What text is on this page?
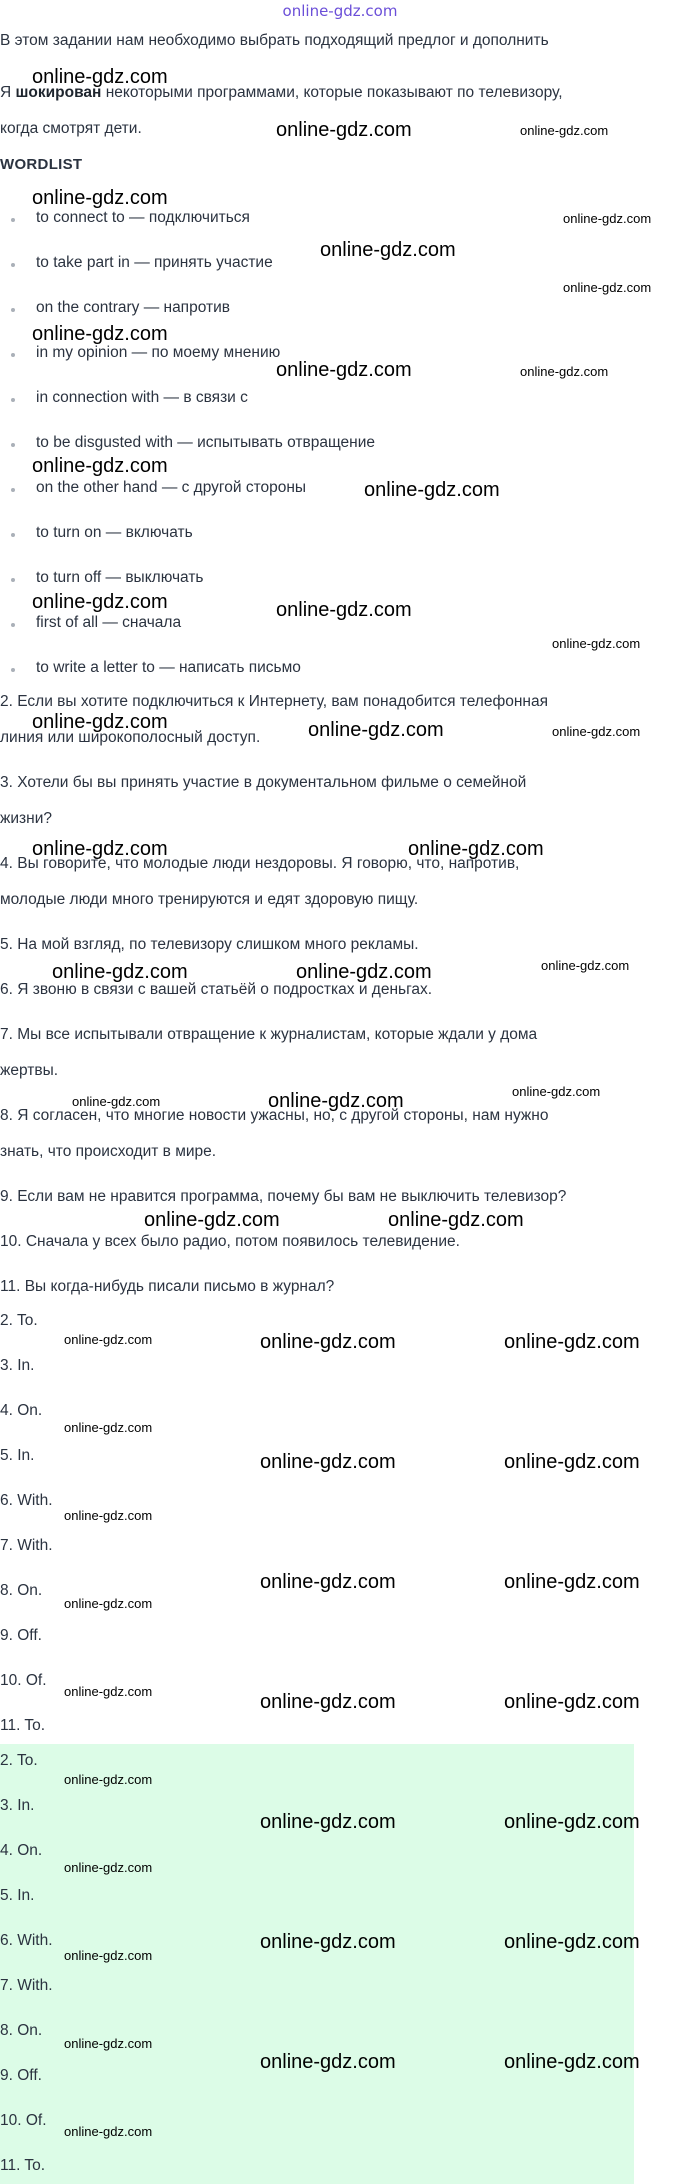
online-gdz.com
В этом задании нам необходимо выбрать подходящий предлог и дополнить
Я шокирован некоторыми программами, которые показывают по телевизору,
когда смотрят дети.
WORDLIST
to connect to — подключиться
to take part in — принять участие
on the contrary — напротив
in my opinion — по моему мнению
in connection with — в связи с
to be disgusted with — испытывать отвращение
on the other hand — с другой стороны
to turn on — включать
to turn off — выключать
first of all — сначала
to write a letter to — написать письмо
2. Если вы хотите подключиться к Интернету, вам понадобится телефонная
линия или широкополосный доступ.
3. Хотели бы вы принять участие в документальном фильме о семейной
жизни?
4. Вы говорите, что молодые люди нездоровы. Я говорю, что, напротив,
молодые люди много тренируются и едят здоровую пищу.
5. На мой взгляд, по телевизору слишком много рекламы.
6. Я звоню в связи с вашей статьёй о подростках и деньгах.
7. Мы все испытывали отвращение к журналистам, которые ждали у дома
жертвы.
8. Я согласен, что многие новости ужасны, но, с другой стороны, нам нужно
знать, что происходит в мире.
9. Если вам не нравится программа, почему бы вам не выключить телевизор?
10. Сначала у всех было радио, потом появилось телевидение.
11. Вы когда-нибудь писали письмо в журнал?
2. To.
3. In.
4. On.
5. In.
6. With.
7. With.
8. On.
9. Off.
10. Of.
11. To.
2. To.
3. In.
4. On.
5. In.
6. With.
7. With.
8. On.
9. Off.
10. Of.
11. To.
online-gdz.com
online-gdz.com	online-gdz.com
online-gdz.com
online-gdz.com
online-gdz.com
online-gdz.com
online-gdz.com
online-gdz.com	online-gdz.com
online-gdz.com
online-gdz.com
online-gdz.com	online-gdz.com
online-gdz.com
online-gdz.com	online-gdz.com	online-gdz.com
online-gdz.com	online-gdz.com
online-gdz.com	online-gdz.com	online-gdz.com
online-gdz.com	online-gdz.com	online-gdz.com
online-gdz.com	online-gdz.com
online-gdz.com	online-gdz.com	online-gdz.com
online-gdz.com
online-gdz.com	online-gdz.com
online-gdz.com
online-gdz.com	online-gdz.com
online-gdz.com
online-gdz.com	online-gdz.com	online-gdz.com
online-gdz.com
online-gdz.com	online-gdz.com
online-gdz.com
online-gdz.com	online-gdz.com
online-gdz.com
online-gdz.com
online-gdz.com	online-gdz.com
online-gdz.com
